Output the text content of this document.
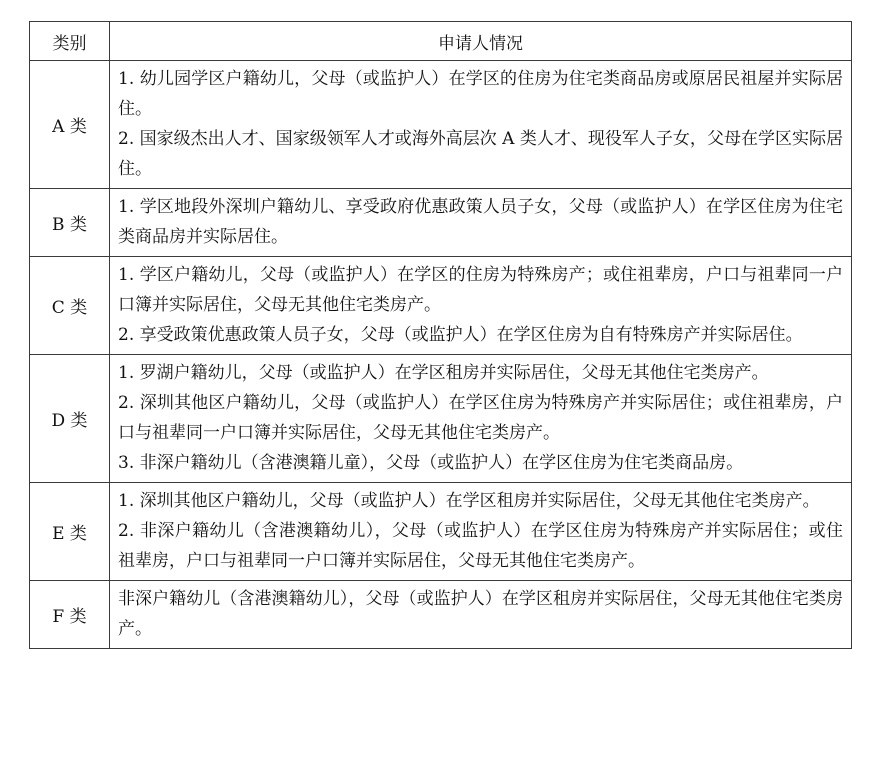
类别	申请人情况
A 类	1. 幼儿园学区户籍幼儿，父母（或监护人）在学区的住房为住宅类商品房或原居民祖屋并实际居住。
2. 国家级杰出人才、国家级领军人才或海外高层次 A 类人才、现役军人子女，父母在学区实际居住。

B 类	1. 学区地段外深圳户籍幼儿、享受政府优惠政策人员子女，父母（或监护人）在学区住房为住宅类商品房并实际居住。

C 类	1. 学区户籍幼儿，父母（或监护人）在学区的住房为特殊房产；或住祖辈房，户口与祖辈同一户口簿并实际居住，父母无其他住宅类房产。
2. 享受政策优惠政策人员子女，父母（或监护人）在学区住房为自有特殊房产并实际居住。

D 类	1. 罗湖户籍幼儿，父母（或监护人）在学区租房并实际居住，父母无其他住宅类房产。
2. 深圳其他区户籍幼儿，父母（或监护人）在学区住房为特殊房产并实际居住；或住祖辈房，户口与祖辈同一户口簿并实际居住，父母无其他住宅类房产。
3. 非深户籍幼儿（含港澳籍儿童），父母（或监护人）在学区住房为住宅类商品房。

E 类	1. 深圳其他区户籍幼儿，父母（或监护人）在学区租房并实际居住，父母无其他住宅类房产。
2. 非深户籍幼儿（含港澳籍幼儿），父母（或监护人）在学区住房为特殊房产并实际居住；或住祖辈房，户口与祖辈同一户口簿并实际居住，父母无其他住宅类房产。

F 类	非深户籍幼儿（含港澳籍幼儿），父母（或监护人）在学区租房并实际居住，父母无其他住宅类房产。
